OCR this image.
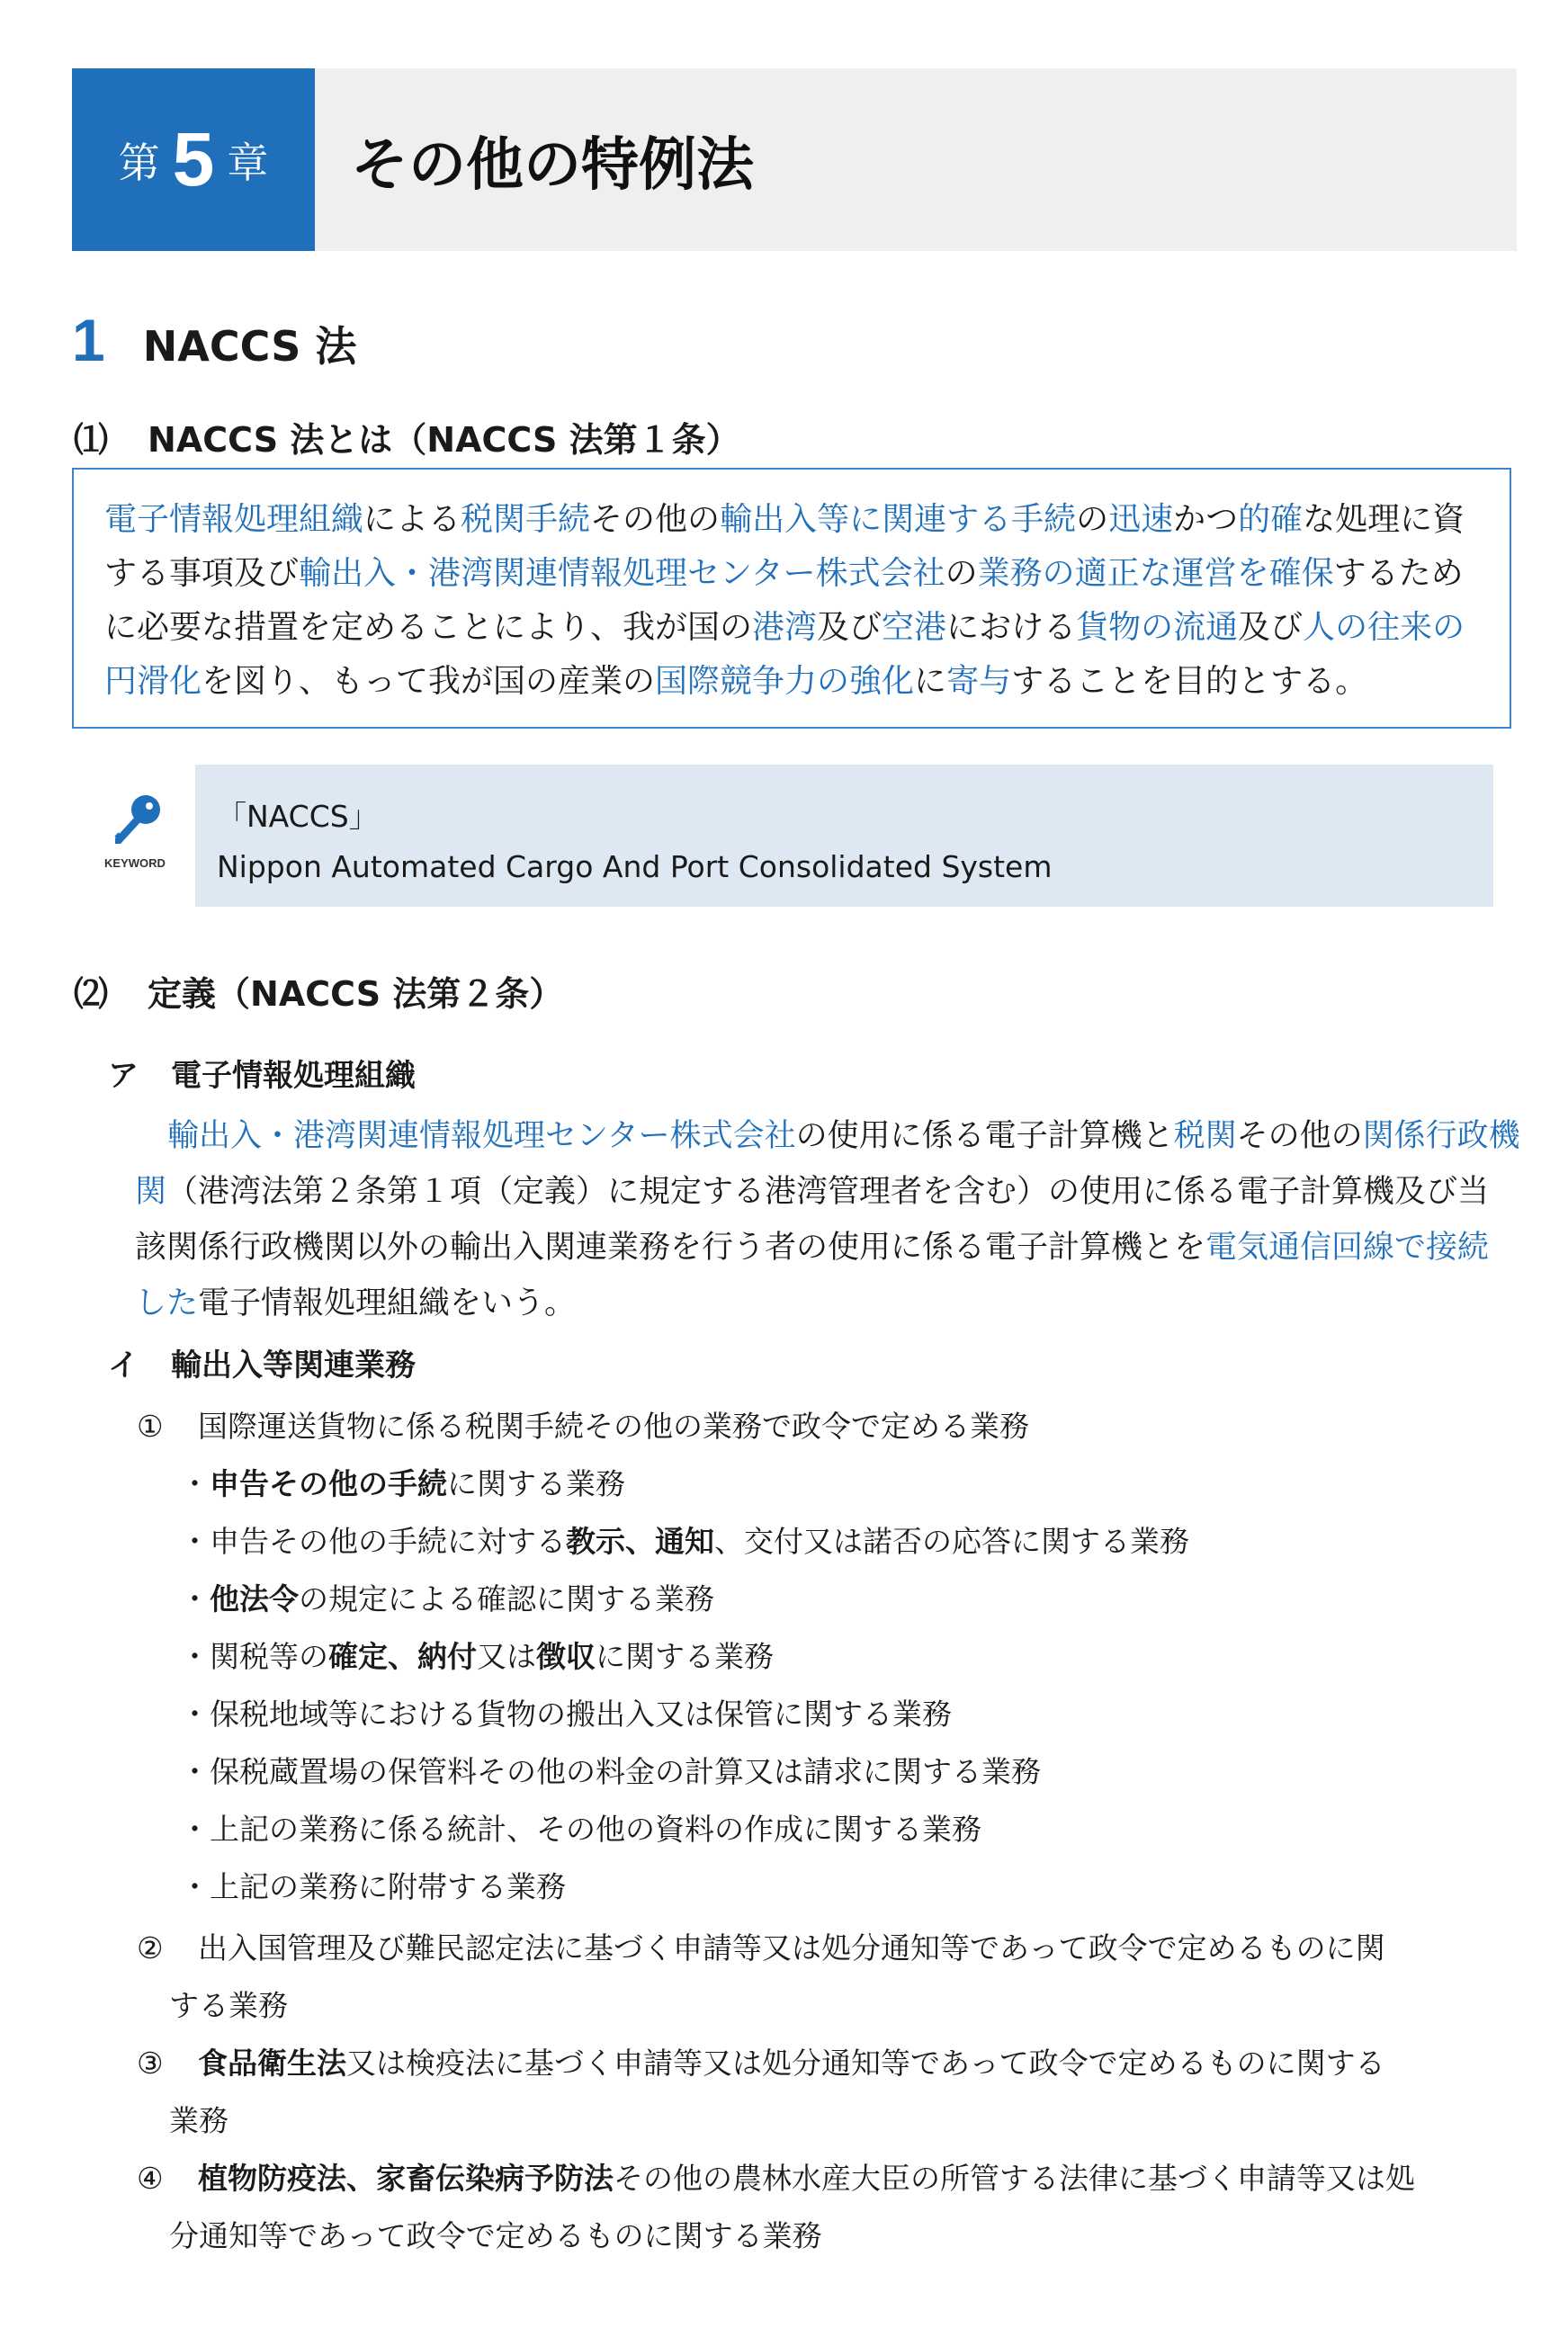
第 5 章	その他の特例法
1 NACCS 法
⑴ NACCS 法とは（NACCS 法第１条）
電子情報処理組織による税関手続その他の輸出入等に関連する手続の迅速かつ的確な処理に資する事項及び輸出入・港湾関連情報処理センター株式会社の業務の適正な運営を確保するために必要な措置を定めることにより、我が国の港湾及び空港における貨物の流通及び人の往来の円滑化を図り、もって我が国の産業の国際競争力の強化に寄与することを目的とする。
KEYWORD
「NACCS」
Nippon Automated Cargo And Port Consolidated System
⑵ 定義（NACCS 法第２条）
ア 電子情報処理組織
輸出入・港湾関連情報処理センター株式会社の使用に係る電子計算機と税関その他の関係行政機関（港湾法第２条第１項（定義）に規定する港湾管理者を含む）の使用に係る電子計算機及び当該関係行政機関以外の輸出入関連業務を行う者の使用に係る電子計算機とを電気通信回線で接続した電子情報処理組織をいう。
イ 輸出入等関連業務
① 国際運送貨物に係る税関手続その他の業務で政令で定める業務
・申告その他の手続に関する業務
・申告その他の手続に対する教示、通知、交付又は諾否の応答に関する業務
・他法令の規定による確認に関する業務
・関税等の確定、納付又は徴収に関する業務
・保税地域等における貨物の搬出入又は保管に関する業務
・保税蔵置場の保管料その他の料金の計算又は請求に関する業務
・上記の業務に係る統計、その他の資料の作成に関する業務
・上記の業務に附帯する業務
② 出入国管理及び難民認定法に基づく申請等又は処分通知等であって政令で定めるものに関
する業務
③ 食品衛生法又は検疫法に基づく申請等又は処分通知等であって政令で定めるものに関する
業務
④ 植物防疫法、家畜伝染病予防法その他の農林水産大臣の所管する法律に基づく申請等又は処
分通知等であって政令で定めるものに関する業務
